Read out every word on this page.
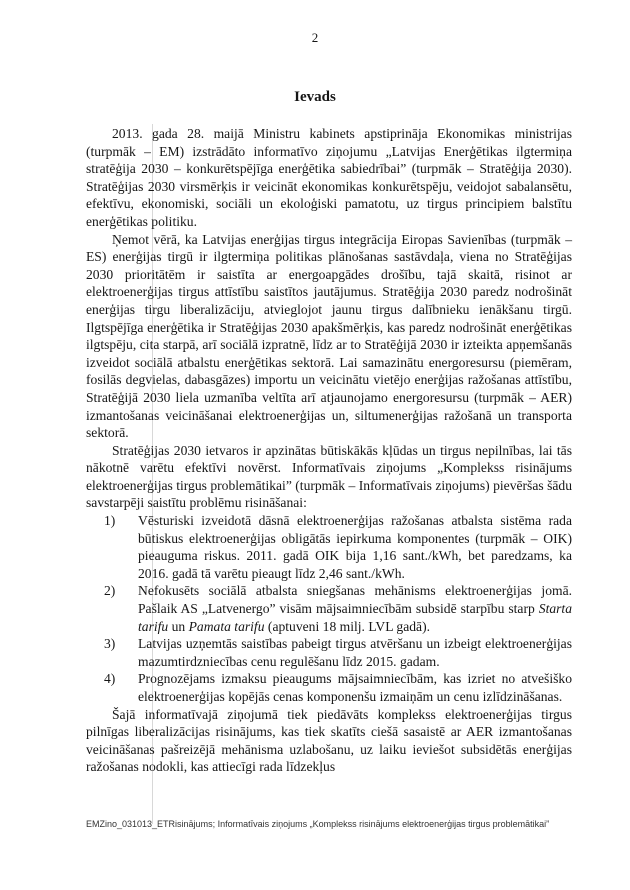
2
Ievads

2013. gada 28. maijā Ministru kabinets apstiprināja Ekonomikas ministrijas (turpmāk – EM) izstrādāto informatīvo ziņojumu „Latvijas Enerģētikas ilgtermiņa stratēģija 2030 – konkurētspējīga enerģētika sabiedrībai” (turpmāk – Stratēģija 2030). Stratēģijas 2030 virsmērķis ir veicināt ekonomikas konkurētspēju, veidojot sabalansētu, efektīvu, ekonomiski, sociāli un ekoloģiski pamatotu, uz tirgus principiem balstītu enerģētikas politiku.

Ņemot vērā, ka Latvijas enerģijas tirgus integrācija Eiropas Savienības (turpmāk – ES) enerģijas tirgū ir ilgtermiņa politikas plānošanas sastāvdaļa, viena no Stratēģijas 2030 prioritātēm ir saistīta ar energoapgādes drošību, tajā skaitā, risinot ar elektroenerģijas tirgus attīstību saistītos jautājumus. Stratēģija 2030 paredz nodrošināt enerģijas tirgu liberalizāciju, atvieglojot jaunu tirgus dalībnieku ienākšanu tirgū. Ilgtspējīga enerģētika ir Stratēģijas 2030 apakšmērķis, kas paredz nodrošināt enerģētikas ilgtspēju, cita starpā, arī sociālā izpratnē, līdz ar to Stratēģijā 2030 ir izteikta apņemšanās izveidot sociālā atbalstu enerģētikas sektorā. Lai samazinātu energoresursu (piemēram, fosilās degvielas, dabasgāzes) importu un veicinātu vietējo enerģijas ražošanas attīstību, Stratēģijā 2030 liela uzmanība veltīta arī atjaunojamo energoresursu (turpmāk – AER) izmantošanas veicināšanai elektroenerģijas un, siltumenerģijas ražošanā un transporta sektorā.

Stratēģijas 2030 ietvaros ir apzinātas būtiskākās kļūdas un tirgus nepilnības, lai tās nākotnē varētu efektīvi novērst. Informatīvais ziņojums „Komplekss risinājums elektroenerģijas tirgus problemātikai” (turpmāk – Informatīvais ziņojums) pievēršas šādu savstarpēji saistītu problēmu risināšanai:

1)	Vēsturiski izveidotā dāsnā elektroenerģijas ražošanas atbalsta sistēma rada būtiskus elektroenerģijas obligātās iepirkuma komponentes (turpmāk – OIK) pieauguma riskus. 2011. gadā OIK bija 1,16 sant./kWh, bet paredzams, ka 2016. gadā tā varētu pieaugt līdz 2,46 sant./kWh.
2)	Nefokusēts sociālā atbalsta sniegšanas mehānisms elektroenerģijas jomā. Pašlaik AS „Latvenergo” visām mājsaimniecībām subsidē starpību starp Starta tarifu un Pamata tarifu (aptuveni 18 milj. LVL gadā).
3)	Latvijas uzņemtās saistības pabeigt tirgus atvēršanu un izbeigt elektroenerģijas mazumtirdzniecības cenu regulēšanu līdz 2015. gadam.
4)	Prognozējams izmaksu pieaugums mājsaimniecībām, kas izriet no atvešiško elektroenerģijas kopējās cenas komponenšu izmaiņām un cenu izlīdzināšanas.

Šajā informatīvajā ziņojumā tiek piedāvāts komplekss elektroenerģijas tirgus pilnīgas liberalizācijas risinājums, kas tiek skatīts ciešā sasaistē ar AER izmantošanas veicināšanas pašreizējā mehānisma uzlabošanu, uz laiku ieviešot subsidētās enerģijas ražošanas nodokli, kas attiecīgi rada līdzekļus

EMZino_031013_ETRisinājums; Informatīvais ziņojums „Komplekss risinājums elektroenerģijas tirgus problemātikai”
